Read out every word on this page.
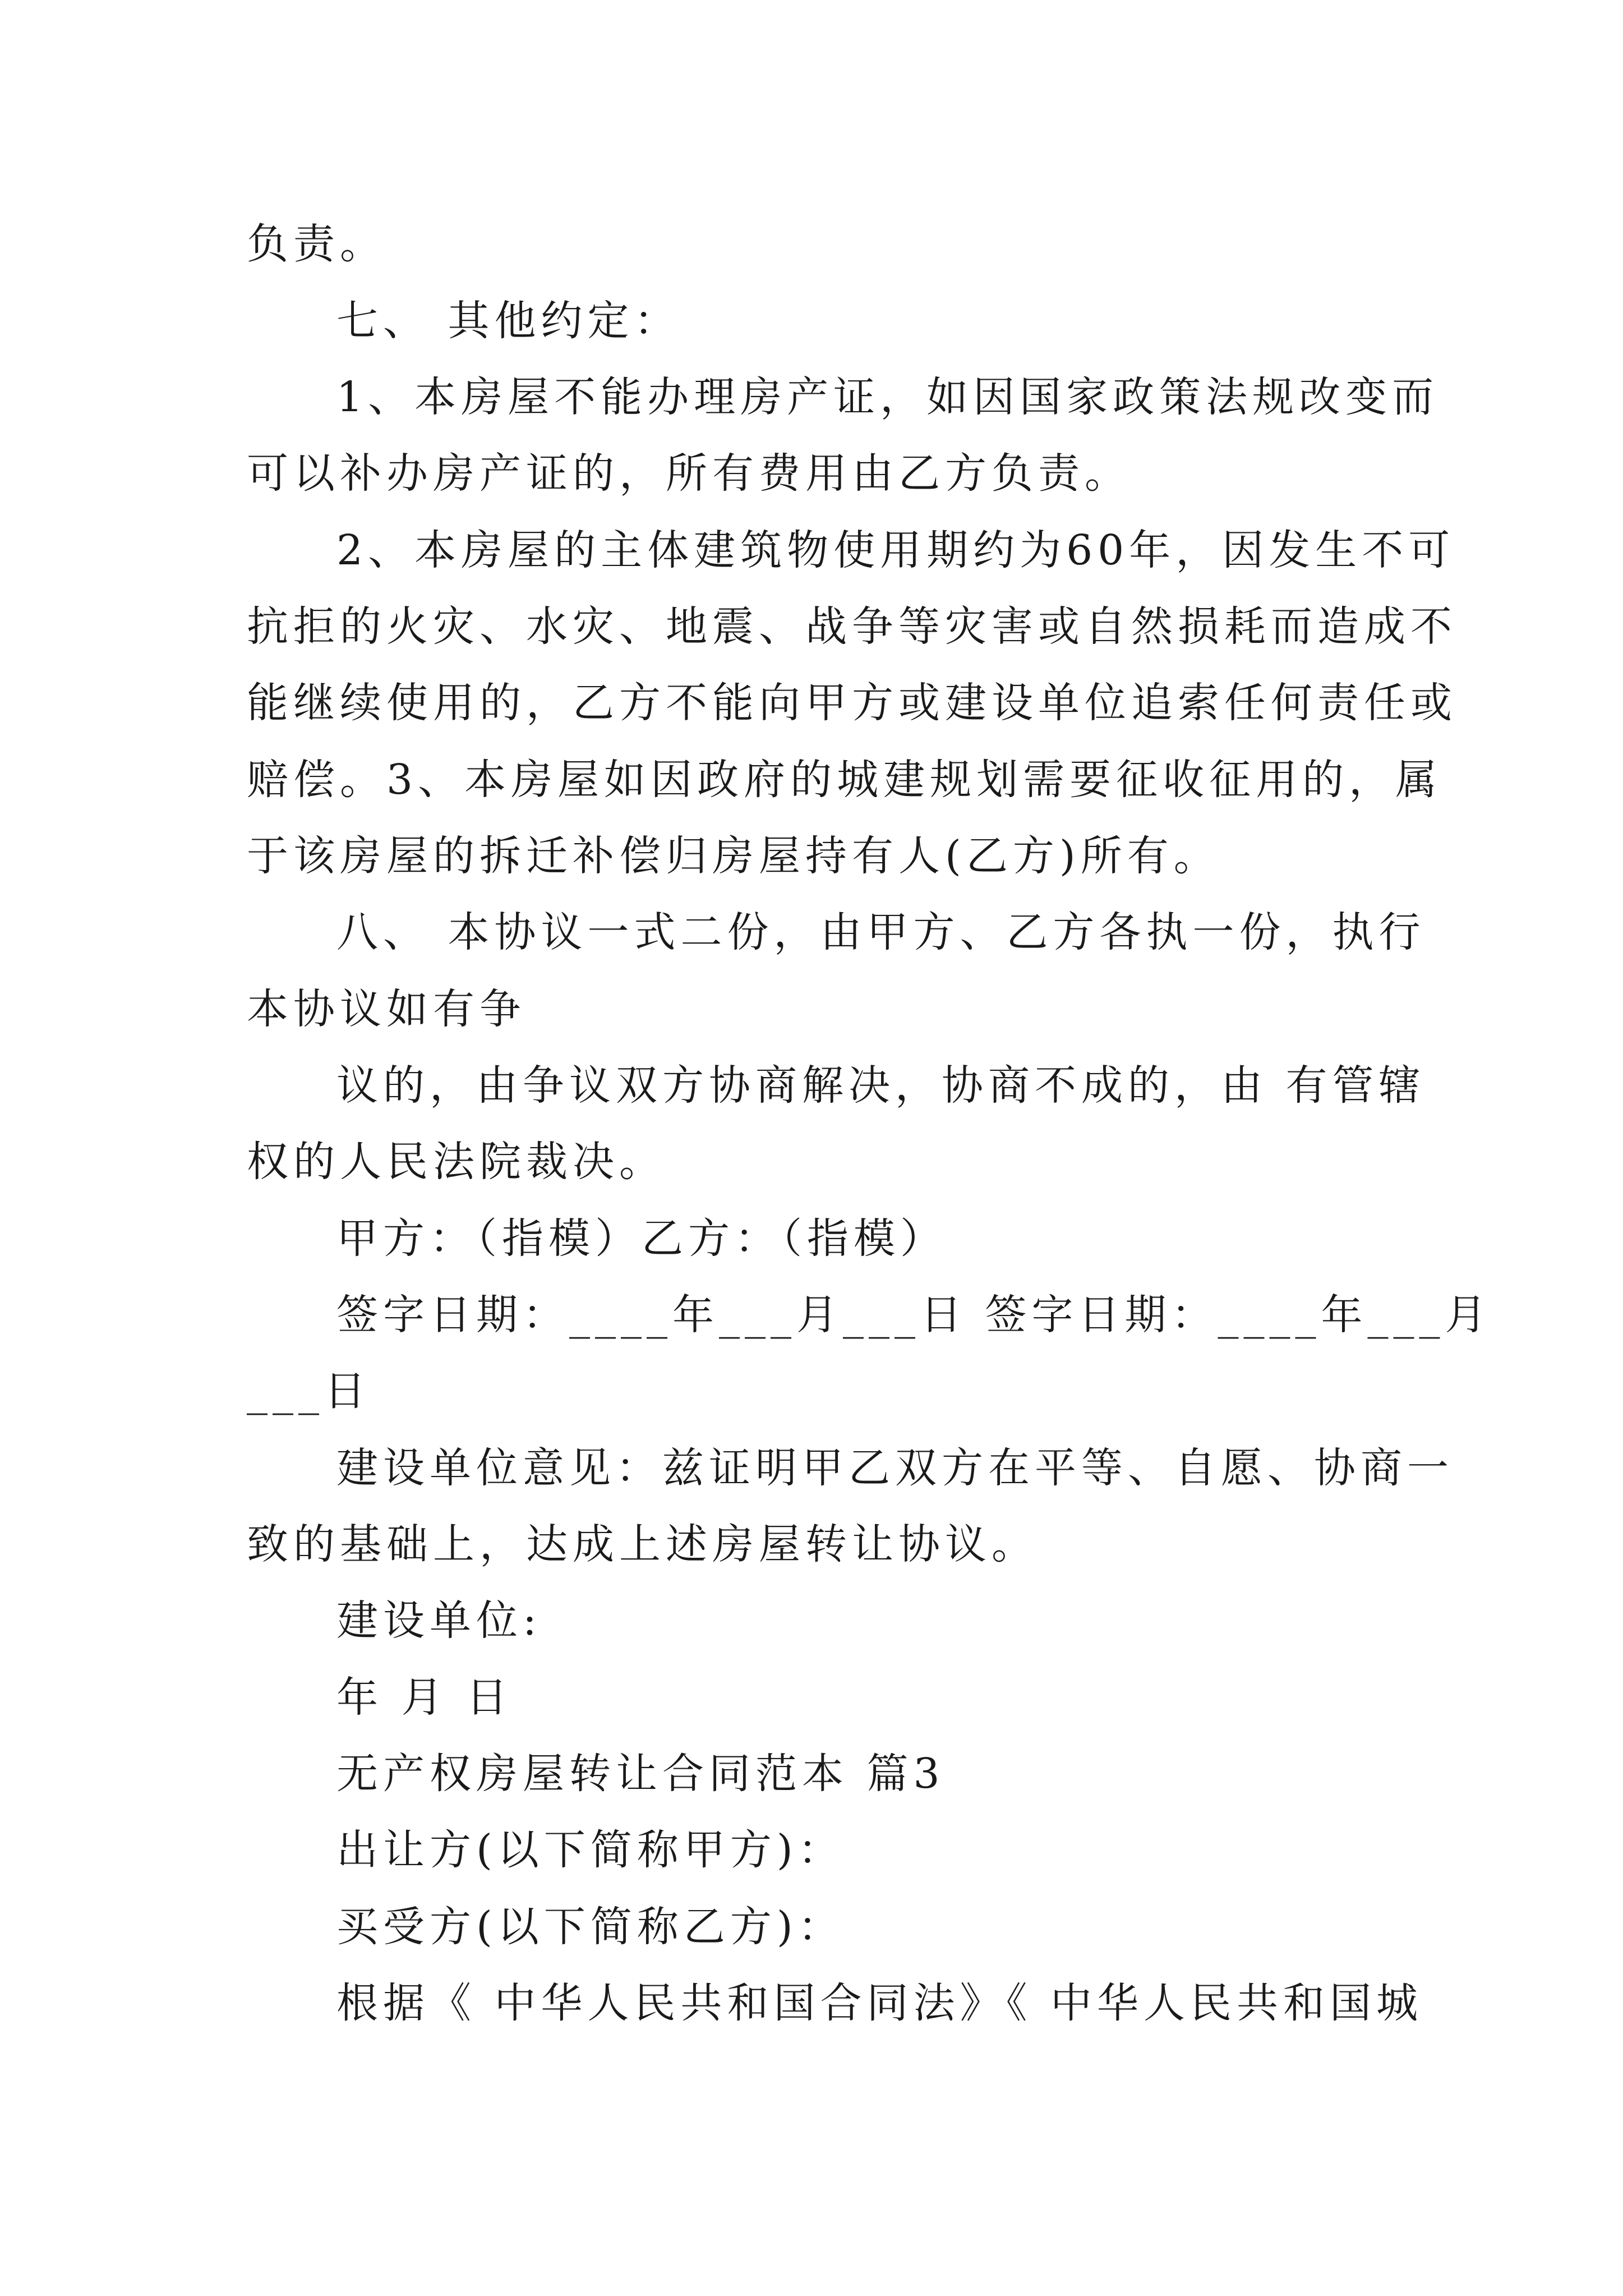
负责。
七、 其他约定：
1、本房屋不能办理房产证，如因国家政策法规改变而
可以补办房产证的，所有费用由乙方负责。
2、本房屋的主体建筑物使用期约为60年，因发生不可
抗拒的火灾、水灾、地震、战争等灾害或自然损耗而造成不
能继续使用的，乙方不能向甲方或建设单位追索任何责任或
赔偿。3、本房屋如因政府的城建规划需要征收征用的，属
于该房屋的拆迁补偿归房屋持有人(乙方)所有。
八、 本协议一式二份，由甲方、乙方各执一份，执行
本协议如有争
议的，由争议双方协商解决，协商不成的，由 有管辖
权的人民法院裁决。
甲方：（指模）乙方：（指模）
签字日期：____年___月___日 签字日期：____年___月
___日
建设单位意见：兹证明甲乙双方在平等、自愿、协商一
致的基础上，达成上述房屋转让协议。
建设单位:
年 月 日
无产权房屋转让合同范本 篇3
出让方(以下简称甲方)：
买受方(以下简称乙方)：
根据《 中华人民共和国合同法》《 中华人民共和国城
